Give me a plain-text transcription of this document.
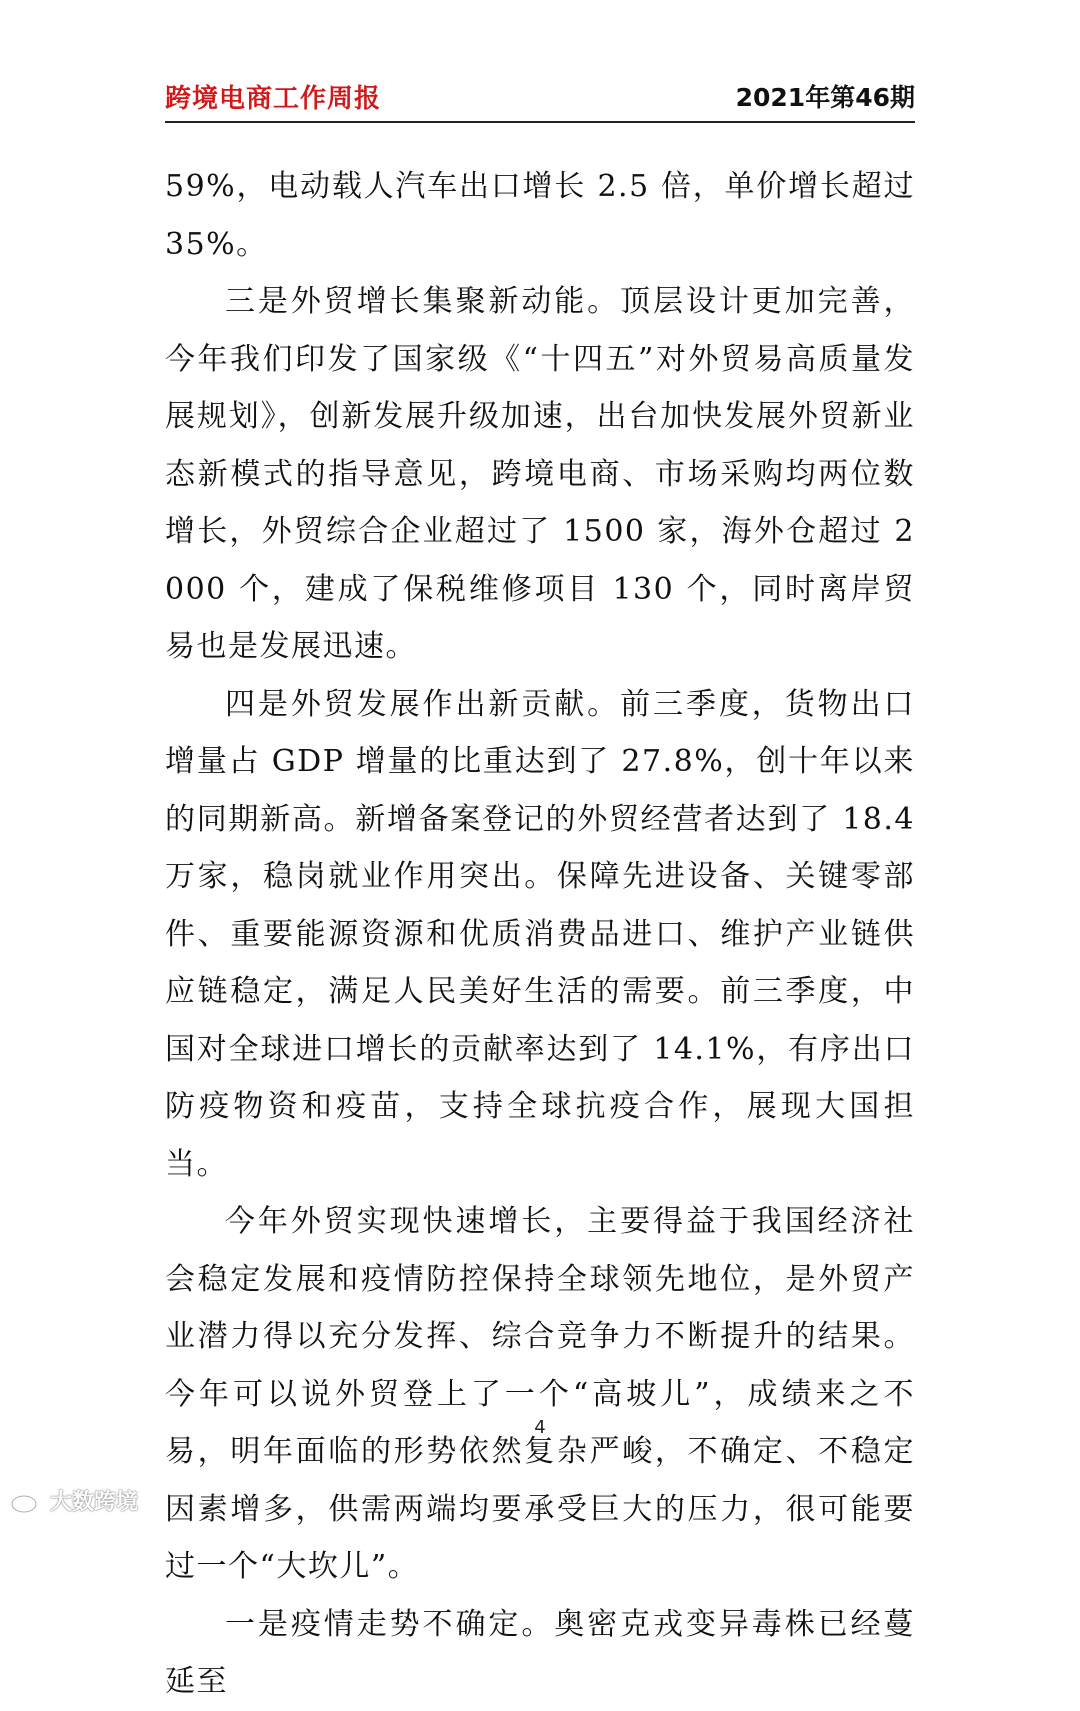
跨境电商工作周报	2021年第46期

59%，电动载人汽车出口增长 2.5 倍，单价增长超过 35%。

三是外贸增长集聚新动能。顶层设计更加完善，今年我们印发了国家级《“十四五”对外贸易高质量发展规划》，创新发展升级加速，出台加快发展外贸新业态新模式的指导意见，跨境电商、市场采购均两位数增长，外贸综合企业超过了 1500 家，海外仓超过 2000 个，建成了保税维修项目 130 个，同时离岸贸易也是发展迅速。

四是外贸发展作出新贡献。前三季度，货物出口增量占 GDP 增量的比重达到了 27.8%，创十年以来的同期新高。新增备案登记的外贸经营者达到了 18.4 万家，稳岗就业作用突出。保障先进设备、关键零部件、重要能源资源和优质消费品进口、维护产业链供应链稳定，满足人民美好生活的需要。前三季度，中国对全球进口增长的贡献率达到了 14.1%，有序出口防疫物资和疫苗，支持全球抗疫合作，展现大国担当。

今年外贸实现快速增长，主要得益于我国经济社会稳定发展和疫情防控保持全球领先地位，是外贸产业潜力得以充分发挥、综合竞争力不断提升的结果。今年可以说外贸登上了一个“高坡儿”，成绩来之不易，明年面临的形势依然复杂严峻，不确定、不稳定因素增多，供需两端均要承受巨大的压力，很可能要过一个“大坎儿”。

一是疫情走势不确定。奥密克戎变异毒株已经蔓延至

4
大数跨境
